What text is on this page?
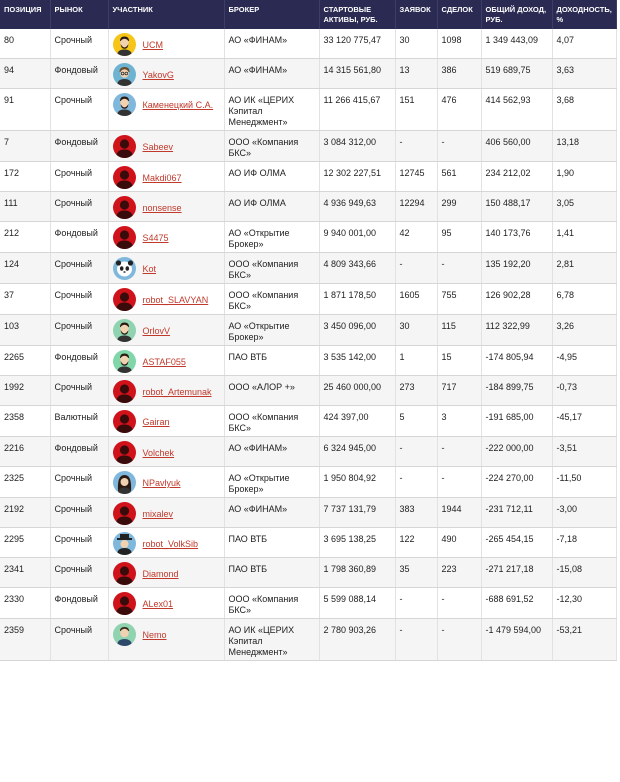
ПОЗИЦИЯ	РЫНОК	УЧАСТНИК	БРОКЕР	СТАРТОВЫЕ АКТИВЫ, РУБ.	ЗАЯВОК	СДЕЛОК	ОБЩИЙ ДОХОД, РУБ.	ДОХОДНОСТЬ, %
80	Срочный	UCM	АО «ФИНАМ»	33 120 775,47	30	1098	1 349 443,09	4,07
94	Фондовый	YakovG	АО «ФИНАМ»	14 315 561,80	13	386	519 689,75	3,63
91	Срочный	Каменецкий С.А.	АО ИК «ЦЕРИХ Кэпитал Менеджмент»	11 266 415,67	151	476	414 562,93	3,68
7	Фондовый	Sabeev	ООО «Компания БКС»	3 084 312,00	-	-	406 560,00	13,18
172	Срочный	Makdi067	АО ИФ ОЛМА	12 302 227,51	12745	561	234 212,02	1,90
111	Срочный	nonsense	АО ИФ ОЛМА	4 936 949,63	12294	299	150 488,17	3,05
212	Фондовый	S4475	АО «Открытие Брокер»	9 940 001,00	42	95	140 173,76	1,41
124	Срочный	Kot	ООО «Компания БКС»	4 809 343,66	-	-	135 192,20	2,81
37	Срочный	robot_SLAVYAN	ООО «Компания БКС»	1 871 178,50	1605	755	126 902,28	6,78
103	Срочный	OrlovV	АО «Открытие Брокер»	3 450 096,00	30	115	112 322,99	3,26
2265	Фондовый	ASTAF055	ПАО ВТБ	3 535 142,00	1	15	-174 805,94	-4,95
1992	Срочный	robot_Artemunak	ООО «АЛОР +»	25 460 000,00	273	717	-184 899,75	-0,73
2358	Валютный	Gairan	ООО «Компания БКС»	424 397,00	5	3	-191 685,00	-45,17
2216	Фондовый	Volchek	АО «ФИНАМ»	6 324 945,00	-	-	-222 000,00	-3,51
2325	Срочный	NPavlyuk	АО «Открытие Брокер»	1 950 804,92	-	-	-224 270,00	-11,50
2192	Срочный	mixalev	АО «ФИНАМ»	7 737 131,79	383	1944	-231 712,11	-3,00
2295	Срочный	robot_VolkSib	ПАО ВТБ	3 695 138,25	122	490	-265 454,15	-7,18
2341	Срочный	Diamond	ПАО ВТБ	1 798 360,89	35	223	-271 217,18	-15,08
2330	Фондовый	ALex01	ООО «Компания БКС»	5 599 088,14	-	-	-688 691,52	-12,30
2359	Срочный	Nemo	АО ИК «ЦЕРИХ Кэпитал Менеджмент»	2 780 903,26	-	-	-1 479 594,00	-53,21
